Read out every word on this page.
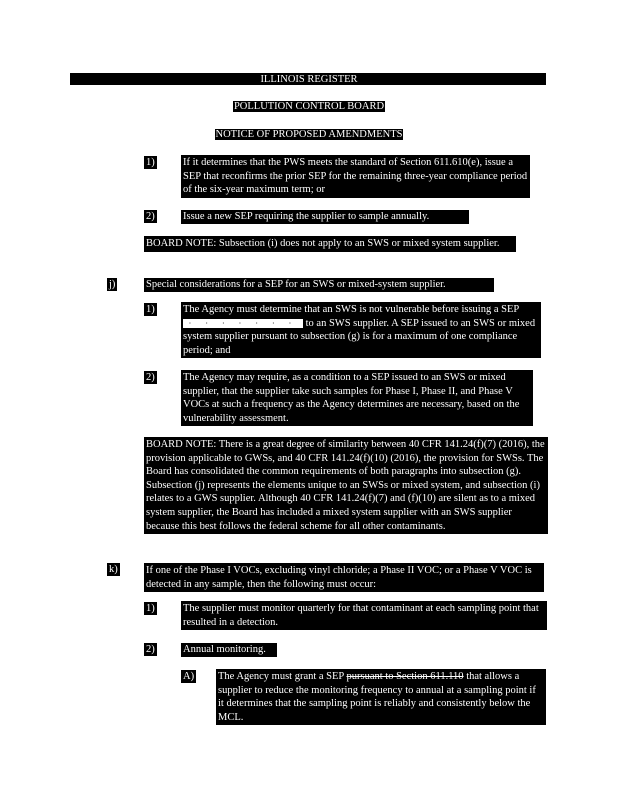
ILLINOIS REGISTER
POLLUTION CONTROL BOARD
NOTICE OF PROPOSED AMENDMENTS
1)	If it determines that the PWS meets the standard of Section 611.610(e), issue a SEP that reconfirms the prior SEP for the remaining three-year compliance period of the six-year maximum term; or
2)	Issue a new SEP requiring the supplier to sample annually.
BOARD NOTE: Subsection (i) does not apply to an SWS or mixed system supplier.
j)	Special considerations for a SEP for an SWS or mixed-system supplier.
1)	The Agency must determine that an SWS is not vulnerable before issuing a SEP · · · · · · · to an SWS supplier. A SEP issued to an SWS or mixed system supplier pursuant to subsection (g) is for a maximum of one compliance period; and
2)	The Agency may require, as a condition to a SEP issued to an SWS or mixed supplier, that the supplier take such samples for Phase I, Phase II, and Phase V VOCs at such a frequency as the Agency determines are necessary, based on the vulnerability assessment.
BOARD NOTE: There is a great degree of similarity between 40 CFR 141.24(f)(7) (2016), the provision applicable to GWSs, and 40 CFR 141.24(f)(10) (2016), the provision for SWSs. The Board has consolidated the common requirements of both paragraphs into subsection (g). Subsection (j) represents the elements unique to an SWSs or mixed system, and subsection (i) relates to a GWS supplier. Although 40 CFR 141.24(f)(7) and (f)(10) are silent as to a mixed system supplier, the Board has included a mixed system supplier with an SWS supplier because this best follows the federal scheme for all other contaminants.
k)	If one of the Phase I VOCs, excluding vinyl chloride; a Phase II VOC; or a Phase V VOC is detected in any sample, then the following must occur:
1)	The supplier must monitor quarterly for that contaminant at each sampling point that resulted in a detection.
2)	Annual monitoring.
A) The Agency must grant a SEP pursuant to Section 611.110 that allows a supplier to reduce the monitoring frequency to annual at a sampling point if it determines that the sampling point is reliably and consistently below the MCL.
